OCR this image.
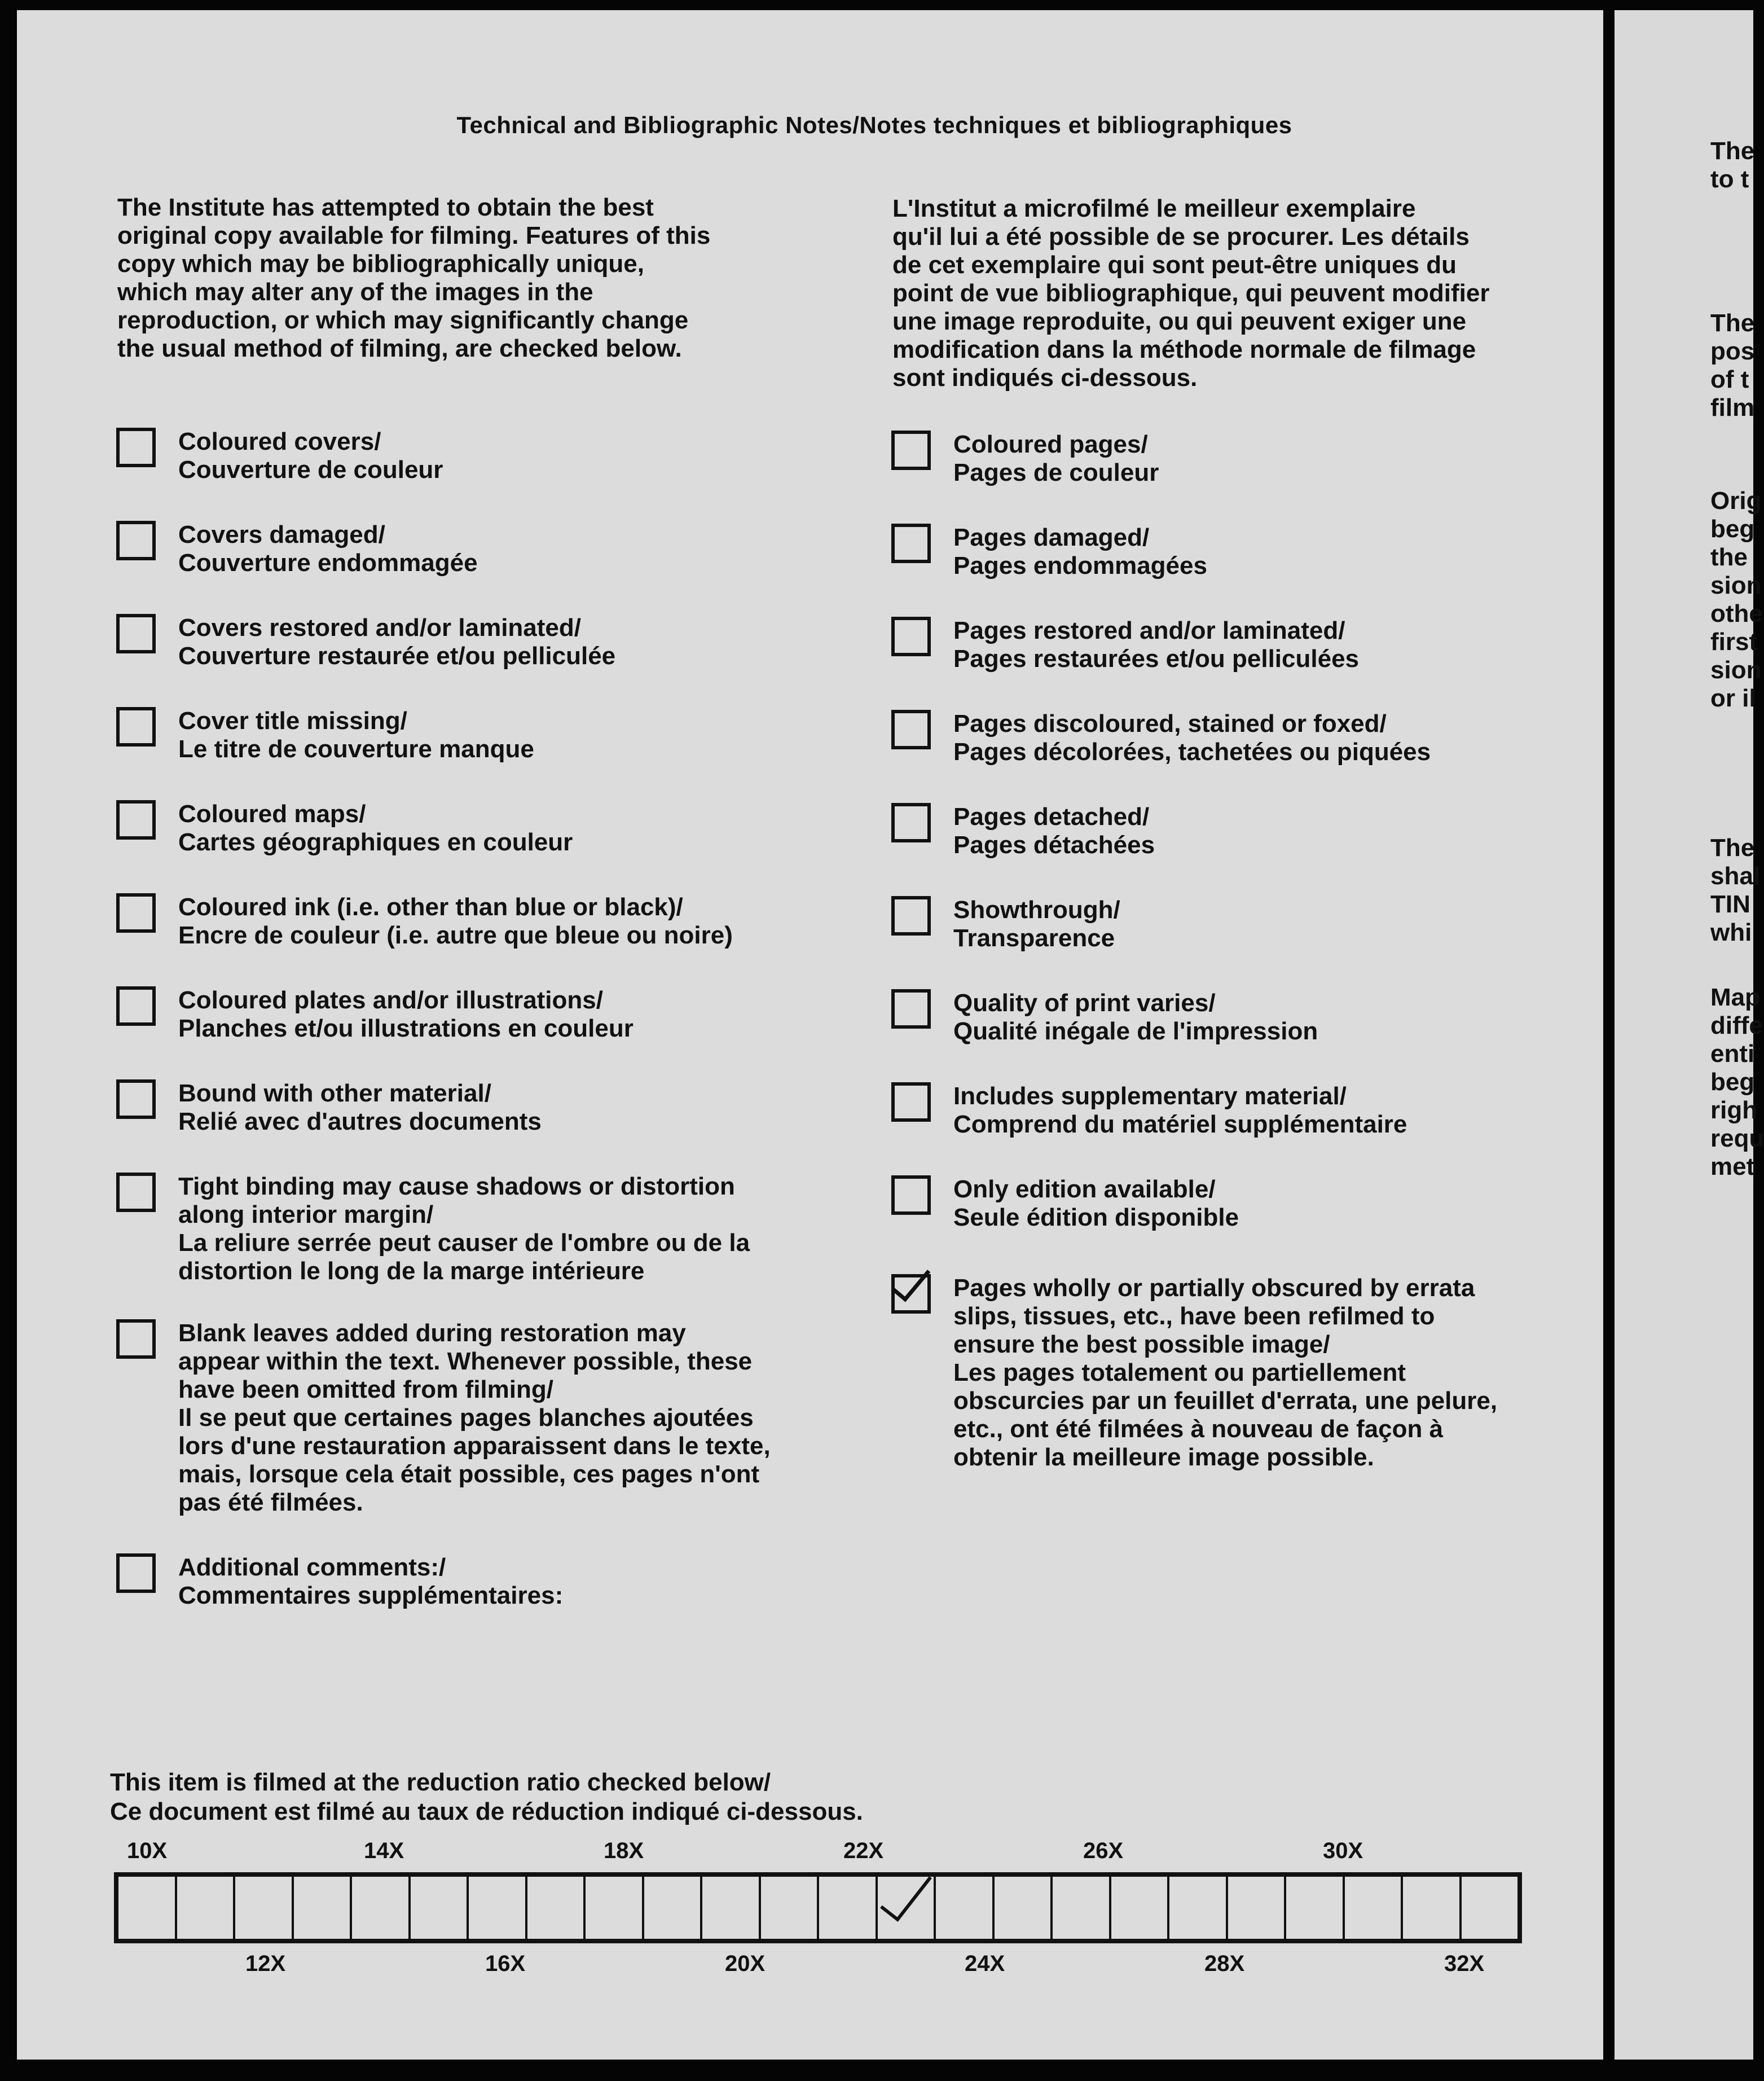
Technical and Bibliographic Notes/Notes techniques et bibliographiques
The Institute has attempted to obtain the best
original copy available for filming. Features of this
copy which may be bibliographically unique,
which may alter any of the images in the
reproduction, or which may significantly change
the usual method of filming, are checked below.
L'Institut a microfilmé le meilleur exemplaire
qu'il lui a été possible de se procurer. Les détails
de cet exemplaire qui sont peut-être uniques du
point de vue bibliographique, qui peuvent modifier
une image reproduite, ou qui peuvent exiger une
modification dans la méthode normale de filmage
sont indiqués ci-dessous.
Coloured covers/
Couverture de couleur
Covers damaged/
Couverture endommagée
Covers restored and/or laminated/
Couverture restaurée et/ou pelliculée
Cover title missing/
Le titre de couverture manque
Coloured maps/
Cartes géographiques en couleur
Coloured ink (i.e. other than blue or black)/
Encre de couleur (i.e. autre que bleue ou noire)
Coloured plates and/or illustrations/
Planches et/ou illustrations en couleur
Bound with other material/
Relié avec d'autres documents
Tight binding may cause shadows or distortion
along interior margin/
La reliure serrée peut causer de l'ombre ou de la
distortion le long de la marge intérieure
Blank leaves added during restoration may
appear within the text. Whenever possible, these
have been omitted from filming/
Il se peut que certaines pages blanches ajoutées
lors d'une restauration apparaissent dans le texte,
mais, lorsque cela était possible, ces pages n'ont
pas été filmées.
Additional comments:/
Commentaires supplémentaires:
Coloured pages/
Pages de couleur
Pages damaged/
Pages endommagées
Pages restored and/or laminated/
Pages restaurées et/ou pelliculées
Pages discoloured, stained or foxed/
Pages décolorées, tachetées ou piquées
Pages detached/
Pages détachées
Showthrough/
Transparence
Quality of print varies/
Qualité inégale de l'impression
Includes supplementary material/
Comprend du matériel supplémentaire
Only edition available/
Seule édition disponible
Pages wholly or partially obscured by errata
slips, tissues, etc., have been refilmed to
ensure the best possible image/
Les pages totalement ou partiellement
obscurcies par un feuillet d'errata, une pelure,
etc., ont été filmées à nouveau de façon à
obtenir la meilleure image possible.
This item is filmed at the reduction ratio checked below/
Ce document est filmé au taux de réduction indiqué ci-dessous.
10X	14X	18X	22X	26X	30X
12X	16X	20X	24X	28X	32X
The
to t
The
pos
of t
film
Orig
beg
the
sion
othe
first
sion
or il
The
shal
TIN
whi
Map
diffe
enti
beg
righ
requ
met
